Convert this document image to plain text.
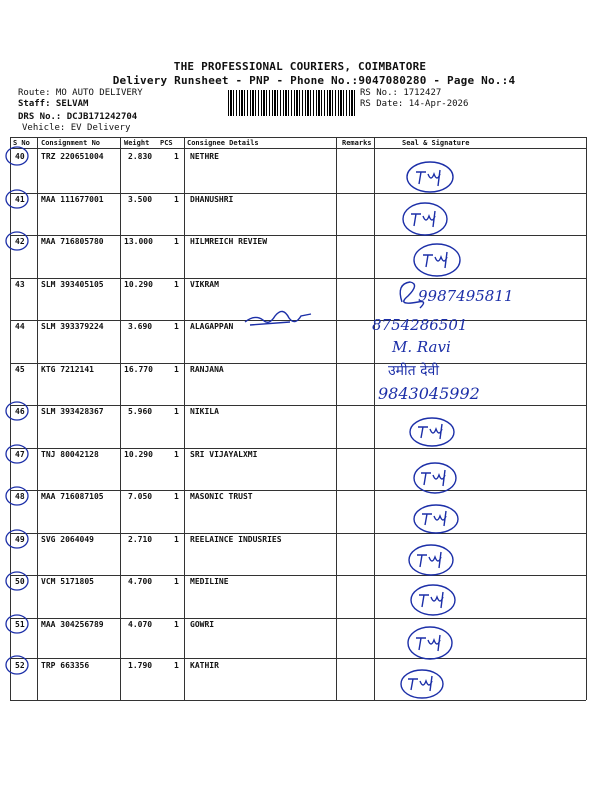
THE PROFESSIONAL COURIERS, COIMBATORE
Delivery Runsheet - PNP - Phone No.:9047080280 - Page No.:4
Route: MO AUTO DELIVERY
Staff: SELVAM
DRS No.: DCJB171242704
Vehicle: EV Delivery
RS No.: 1712427
RS Date: 14-Apr-2026
S No Consignment No	Weight PCS Consignee Details	Remarks	Seal & Signature
40 TRZ 220651004	2.830	1 NETHRE
41 MAA 111677001	3.500	1 DHANUSHRI
42 MAA 716805780	13.000	1 HILMREICH REVIEW
43 SLM 393405105	10.290	1 VIKRAM
44 SLM 393379224	3.690	1 ALAGAPPAN
45 KTG 7212141	16.770	1 RANJANA
46 SLM 393428367	5.960	1 NIKILA
47 TNJ 80042128	10.290	1 SRI VIJAYALXMI
48 MAA 716087105	7.050	1 MASONIC TRUST
49 SVG 2064049	2.710	1 REELAINCE INDUSRIES
50 VCM 5171805	4.700	1 MEDILINE
51 MAA 304256789	4.070	1 GOWRI
52 TRP 663356	1.790	1 KATHIR
9987495811
8754286501
M. Ravi
उमीत देवी
9843045992
